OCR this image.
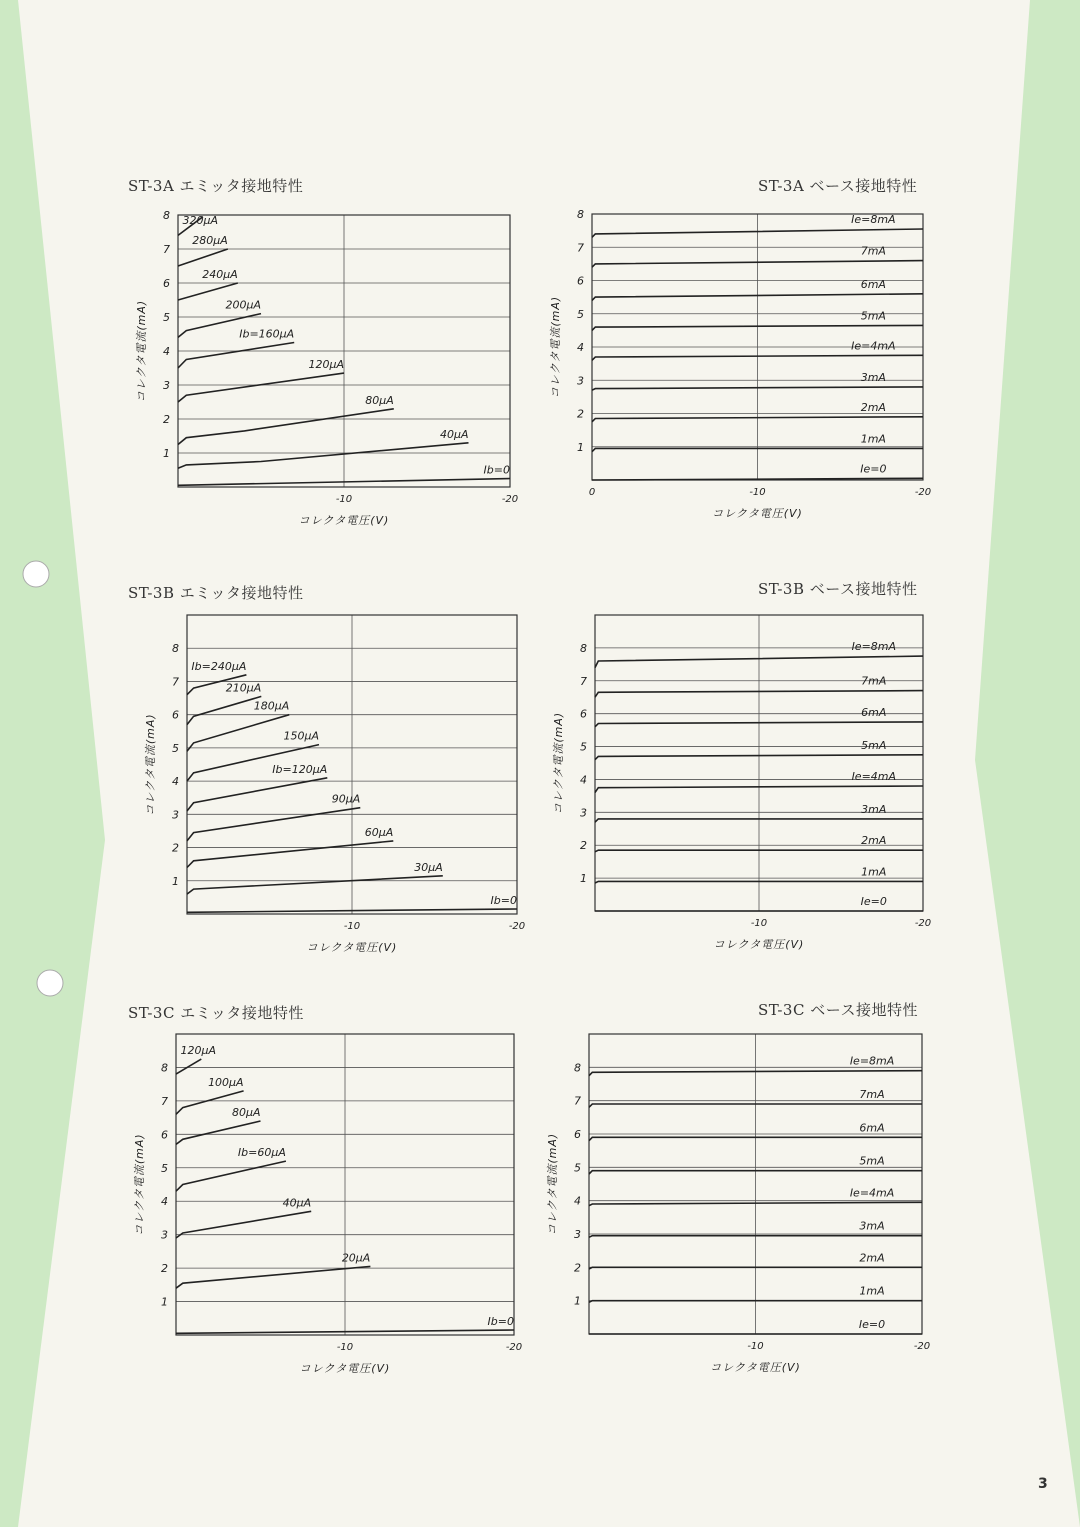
ST-3A エミッタ接地特性	ST-3A ベース接地特性
ST-3B エミッタ接地特性	ST-3B ベース接地特性
ST-3C エミッタ接地特性	ST-3C ベース接地特性
1
2
3
4
5
6
7
8
-10	-20
コレクタ電圧(V)
コレクタ電流(mA)
320μA
280μA
240μA
200μA
Ib=160μA
120μA
80μA
40μA
Ib=0
1
2
3
4
5
6
7
8
0	-10	-20
コレクタ電圧(V)
コレクタ電流(mA)
Ie=8mA
7mA
6mA
5mA
Ie=4mA
3mA
2mA
1mA
Ie=0
1
2
3
4
5
6
7
8
-10	-20
コレクタ電圧(V)
コレクタ電流(mA)
Ib=240μA
210μA
180μA
150μA
Ib=120μA
90μA
60μA
30μA
Ib=0
1
2
3
4
5
6
7
8
-10	-20
コレクタ電圧(V)
コレクタ電流(mA)
Ie=8mA
7mA
6mA
5mA
Ie=4mA
3mA
2mA
1mA
Ie=0
1
2
3
4
5
6
7
8
-10	-20
コレクタ電圧(V)
コレクタ電流(mA)
120μA
100μA
80μA
Ib=60μA
40μA
20μA
Ib=0
1
2
3
4
5
6
7
8
-10	-20
コレクタ電圧(V)
コレクタ電流(mA)
Ie=8mA
7mA
6mA
5mA
Ie=4mA
3mA
2mA
1mA
Ie=0
3
